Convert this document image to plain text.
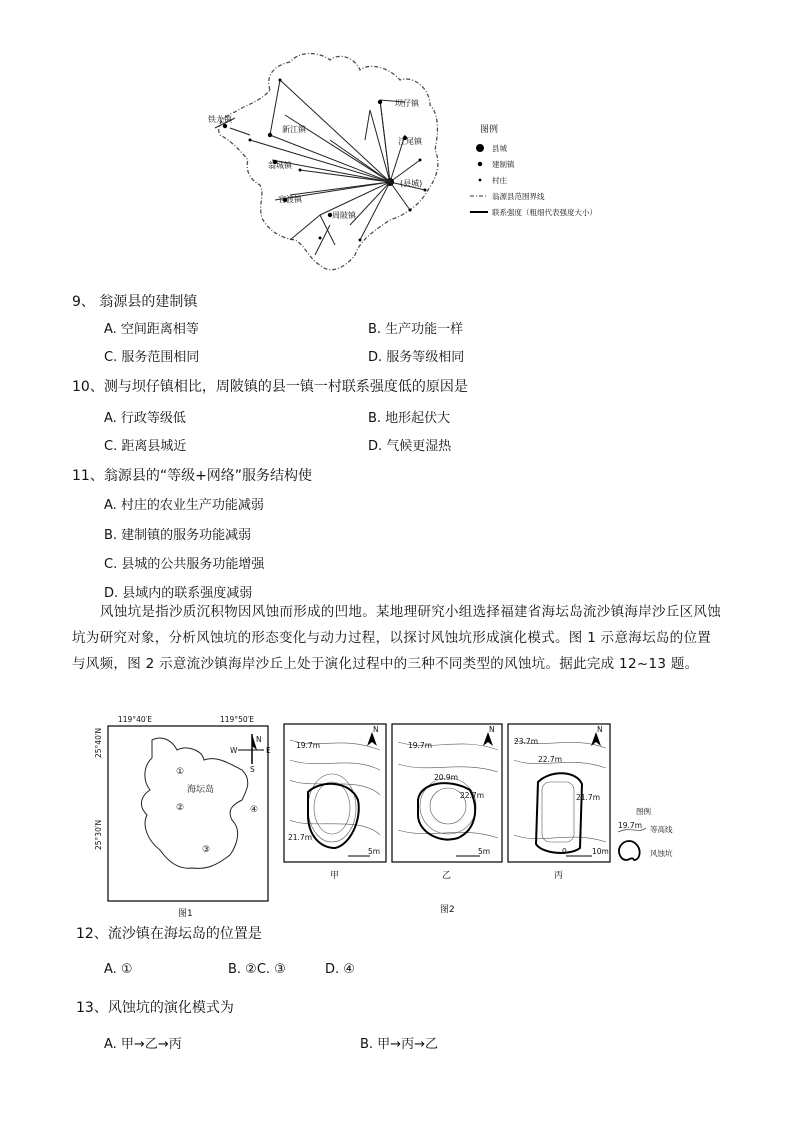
铁龙镇
新江镇
坝仔镇
江尾镇
翁城镇
官渡镇
周陂镇
(县城)
图例
县城
建制镇
村庄
翁源县范围界线
联系强度（粗细代表强度大小）
9、 翁源县的建制镇
A. 空间距离相等	B. 生产功能一样
C. 服务范围相同	D. 服务等级相同
10、测与坝仔镇相比，周陂镇的县一镇一村联系强度低的原因是
A. 行政等级低	B. 地形起伏大
C. 距离县城近	D. 气候更湿热
11、翁源县的“等级+网络”服务结构使
A. 村庄的农业生产功能减弱
B. 建制镇的服务功能减弱
C. 县城的公共服务功能增强
D. 县域内的联系强度减弱
风蚀坑是指沙质沉积物因风蚀而形成的凹地。某地理研究小组选择福建省海坛岛流沙镇海岸沙丘区风蚀坑为研究对象，分析风蚀坑的形态变化与动力过程，以探讨风蚀坑形成演化模式。图 1 示意海坛岛的位置与风频，图 2 示意流沙镇海岸沙丘上处于演化过程中的三种不同类型的风蚀坑。据此完成 12~13 题。
119°40′E	119°50′E
25°40′N
25°30′N
海坛岛
①
②
③
④
N
S
W	E
图1
19.7m
21.7m
N
5m
甲
19.7m
20.9m
22.7m
N
5m
乙
23.7m
22.7m
21.7m
N
0	10m
丙
图例
19.7m 等高线
风蚀坑
图2
12、流沙镇在海坛岛的位置是
A. ①	B. ②C. ③	D. ④
13、风蚀坑的演化模式为
A. 甲→乙→丙	B. 甲→丙→乙
